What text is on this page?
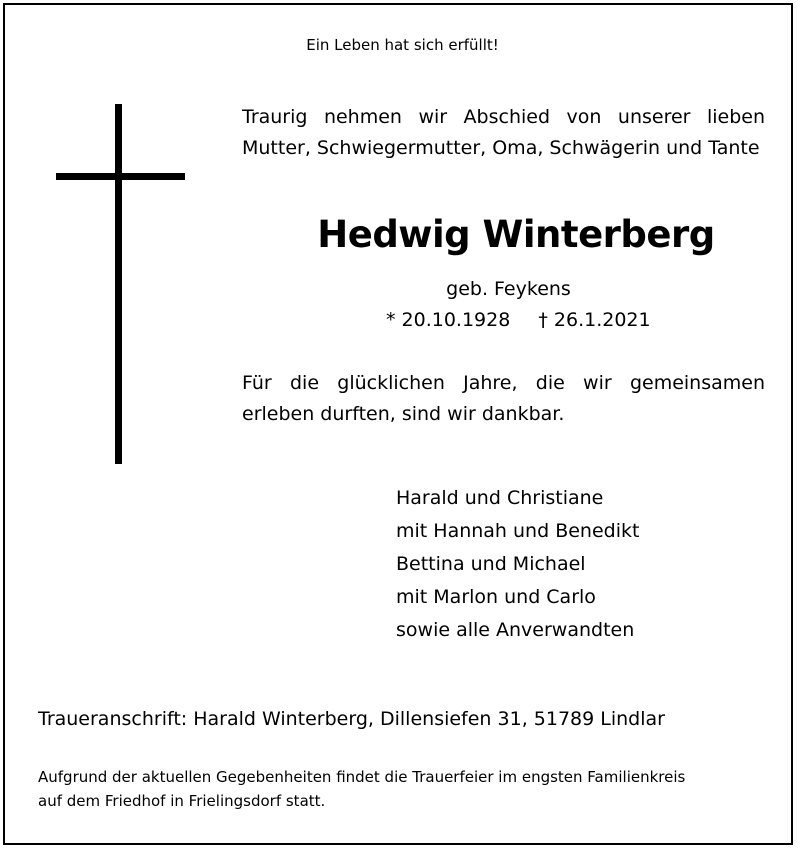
Ein Leben hat sich erfüllt!

Traurig nehmen wir Abschied von unserer lieben
Mutter, Schwiegermutter, Oma, Schwägerin und Tante

Hedwig Winterberg
geb. Feykens
* 20.10.1928 † 26.1.2021

Für die glücklichen Jahre, die wir gemeinsamen
erleben durften, sind wir dankbar.

Harald und Christiane
mit Hannah und Benedikt
Bettina und Michael
mit Marlon und Carlo
sowie alle Anverwandten
Traueranschrift: Harald Winterberg, Dillensiefen 31, 51789 Lindlar

Aufgrund der aktuellen Gegebenheiten findet die Trauerfeier im engsten Familienkreis
auf dem Friedhof in Frielingsdorf statt.
